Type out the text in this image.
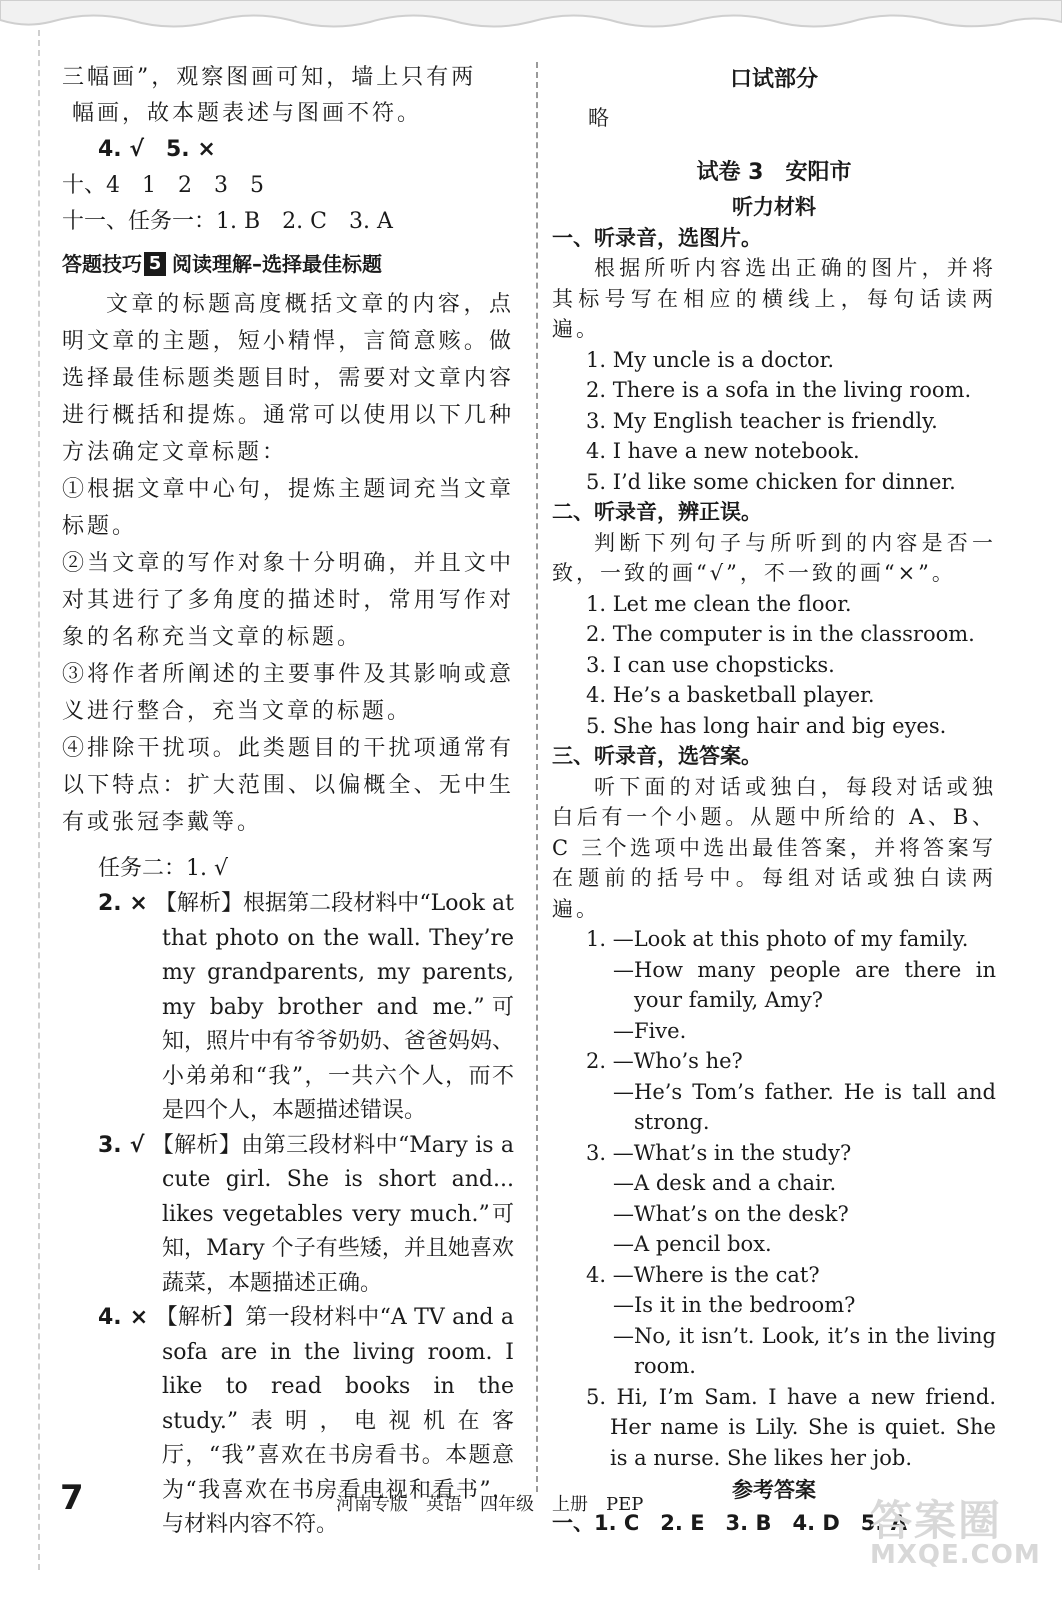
三幅画”，观察图画可知，墙上只有两

幅画，故本题表述与图画不符。

4. √　5. ×

十、4　1　2　3　5

十一、任务一：1. B　2. C　3. A

答题技巧 5 阅读理解–选择最佳标题

文章的标题高度概括文章的内容，点明文章的主题，短小精悍，言简意赅。做选择最佳标题类题目时，需要对文章内容进行概括和提炼。通常可以使用以下几种方法确定文章标题：

①根据文章中心句，提炼主题词充当文章标题。

②当文章的写作对象十分明确，并且文中对其进行了多角度的描述时，常用写作对象的名称充当文章的标题。

③将作者所阐述的主要事件及其影响或意义进行整合，充当文章的标题。

④排除干扰项。此类题目的干扰项通常有以下特点：扩大范围、以偏概全、无中生有或张冠李戴等。

任务二：1. √

2. × 【解析】根据第二段材料中“Look at that photo on the wall. They’re my grandparents, my parents, my baby brother and me.”可知，照片中有爷爷奶奶、爸爸妈妈、小弟弟和“我”，一共六个人，而不是四个人，本题描述错误。
3. √ 【解析】由第三段材料中“Mary is a cute girl. She is short and... likes vegetables very much.”可知，Mary 个子有些矮，并且她喜欢蔬菜，本题描述正确。
4. × 【解析】第一段材料中“A TV and a sofa are in the living room. I like to read books in the study.”表明，电视机在客厅，“我”喜欢在书房看书。本题意为“我喜欢在书房看电视和看书”，与材料内容不符。

口试部分

略

试卷 3　安阳市

听力材料

一、听录音，选图片。

根据所听内容选出正确的图片，并将其标号写在相应的横线上，每句话读两遍。

1. My uncle is a doctor.

2. There is a sofa in the living room.

3. My English teacher is friendly.

4. I have a new notebook.

5. I’d like some chicken for dinner.

二、听录音，辨正误。

判断下列句子与所听到的内容是否一致，一致的画“√”，不一致的画“×”。

1. Let me clean the floor.

2. The computer is in the classroom.

3. I can use chopsticks.

4. He’s a basketball player.

5. She has long hair and big eyes.

三、听录音，选答案。

听下面的对话或独白，每段对话或独白后有一个小题。从题中所给的 A、B、C 三个选项中选出最佳答案，并将答案写在题前的括号中。每组对话或独白读两遍。

1. —Look at this photo of my family.

—How many people are there in your family, Amy?

—Five.

2. —Who’s he?

—He’s Tom’s father. He is tall and strong.

3. —What’s in the study?

—A desk and a chair.

—What’s on the desk?

—A pencil box.

4. —Where is the cat?

—Is it in the bedroom?

—No, it isn’t. Look, it’s in the living room.

5. Hi, I’m Sam. I have a new friend. Her name is Lily. She is quiet. She is a nurse. She likes her job.

参考答案

一、1. C　2. E　3. B　4. D　5. A

7	河南专版　英语　四年级　上册　PEP	答案圈
MXQE.COM
